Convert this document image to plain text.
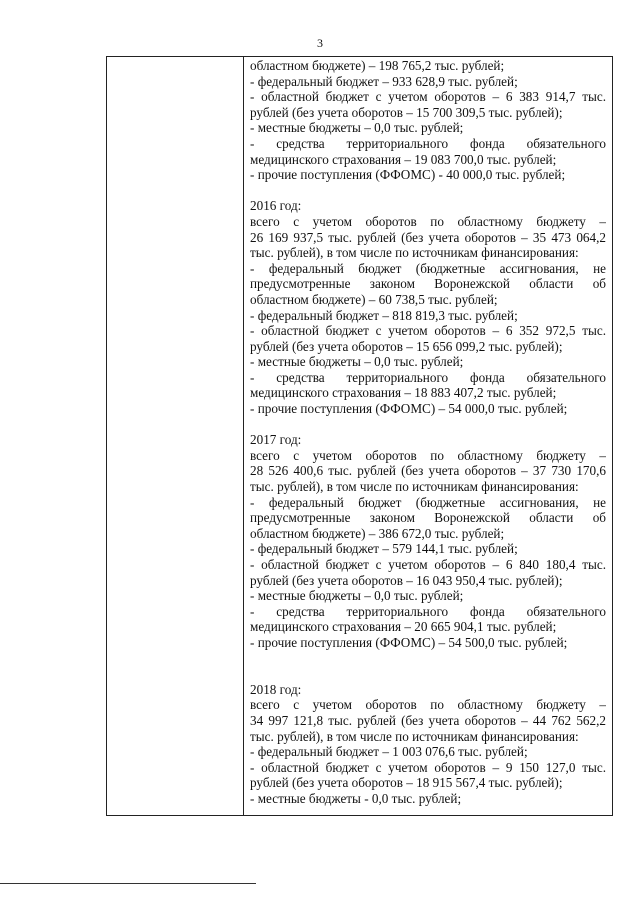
3
областном бюджете) – 198 765,2 тыс. рублей;
- федеральный бюджет – 933 628,9 тыс. рублей;
- областной бюджет с учетом оборотов – 6 383 914,7 тыс.
рублей (без учета оборотов – 15 700 309,5 тыс. рублей);
- местные бюджеты – 0,0 тыс. рублей;
- средства территориального фонда обязательного
медицинского страхования – 19 083 700,0 тыс. рублей;
- прочие поступления (ФФОМС) - 40 000,0 тыс. рублей;
2016 год:
всего с учетом оборотов по областному бюджету –
26 169 937,5 тыс. рублей (без учета оборотов – 35 473 064,2
тыс. рублей), в том числе по источникам финансирования:
- федеральный бюджет (бюджетные ассигнования, не
предусмотренные законом Воронежской области об
областном бюджете) – 60 738,5 тыс. рублей;
- федеральный бюджет – 818 819,3 тыс. рублей;
- областной бюджет с учетом оборотов – 6 352 972,5 тыс.
рублей (без учета оборотов – 15 656 099,2 тыс. рублей);
- местные бюджеты – 0,0 тыс. рублей;
- средства территориального фонда обязательного
медицинского страхования – 18 883 407,2 тыс. рублей;
- прочие поступления (ФФОМС) – 54 000,0 тыс. рублей;
2017 год:
всего с учетом оборотов по областному бюджету –
28 526 400,6 тыс. рублей (без учета оборотов – 37 730 170,6
тыс. рублей), в том числе по источникам финансирования:
- федеральный бюджет (бюджетные ассигнования, не
предусмотренные законом Воронежской области об
областном бюджете) – 386 672,0 тыс. рублей;
- федеральный бюджет – 579 144,1 тыс. рублей;
- областной бюджет с учетом оборотов – 6 840 180,4 тыс.
рублей (без учета оборотов – 16 043 950,4 тыс. рублей);
- местные бюджеты – 0,0 тыс. рублей;
- средства территориального фонда обязательного
медицинского страхования – 20 665 904,1 тыс. рублей;
- прочие поступления (ФФОМС) – 54 500,0 тыс. рублей;
2018 год:
всего с учетом оборотов по областному бюджету –
34 997 121,8 тыс. рублей (без учета оборотов – 44 762 562,2
тыс. рублей), в том числе по источникам финансирования:
- федеральный бюджет – 1 003 076,6 тыс. рублей;
- областной бюджет с учетом оборотов – 9 150 127,0 тыс.
рублей (без учета оборотов – 18 915 567,4 тыс. рублей);
- местные бюджеты - 0,0 тыс. рублей;
